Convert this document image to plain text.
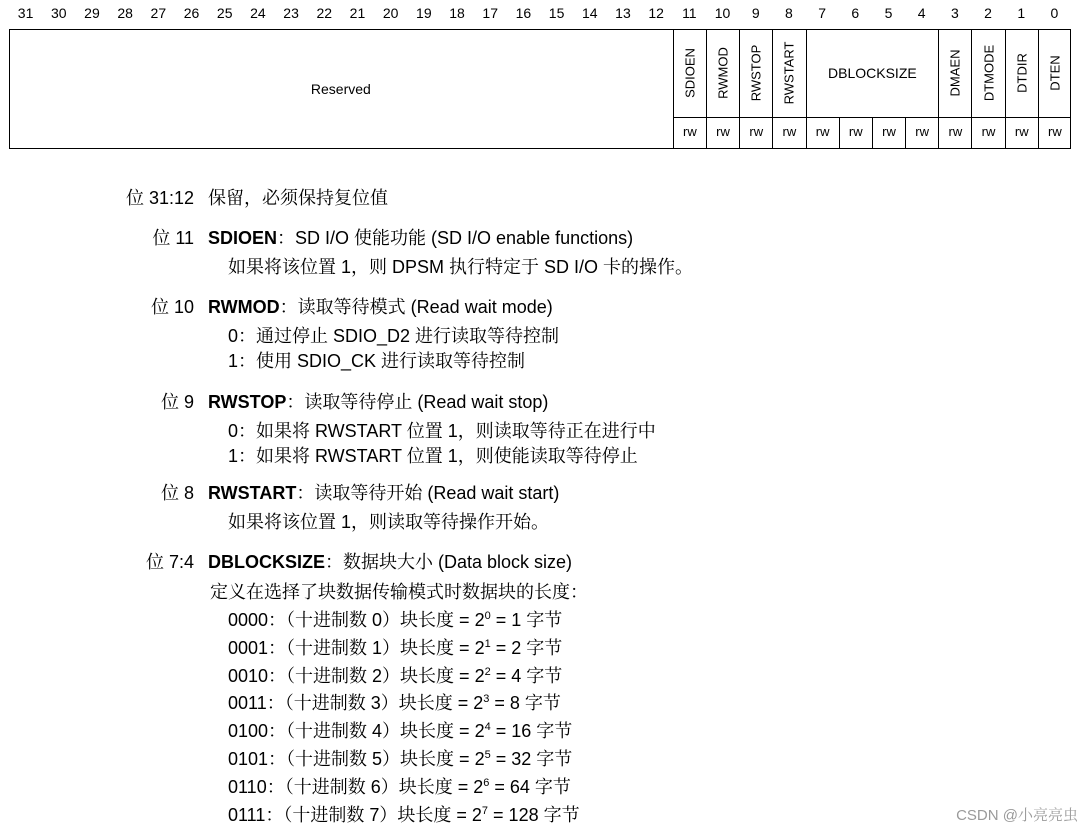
31	30	29	28	27	26	25	24	23	22	21	20	19	18	17	16	15	14	13	12	11	10	9	8	7	6	5	4	3	2	1	0
Reserved	SDIOEN RWMOD RWSTOP RWSTART	DBLOCKSIZE	DMAEN DTMODE DTDIR DTEN
rw	rw	rw	rw	rw	rw	rw	rw	rw	rw	rw	rw
位 31:12 保留，必须保持复位值
位 11 SDIOEN：SD I/O 使能功能 (SD I/O enable functions)
如果将该位置 1，则 DPSM 执行特定于 SD I/O 卡的操作。
位 10 RWMOD：读取等待模式 (Read wait mode)
0：通过停止 SDIO_D2 进行读取等待控制
1：使用 SDIO_CK 进行读取等待控制
位 9 RWSTOP：读取等待停止 (Read wait stop)
0：如果将 RWSTART 位置 1，则读取等待正在进行中
1：如果将 RWSTART 位置 1，则使能读取等待停止
位 8 RWSTART：读取等待开始 (Read wait start)
如果将该位置 1，则读取等待操作开始。
位 7:4 DBLOCKSIZE：数据块大小 (Data block size)
定义在选择了块数据传输模式时数据块的长度：
0000：（十进制数 0）块长度 = $2^0 = 1$ 字节
0001：（十进制数 1）块长度 = $2^1 = 2$ 字节
0010：（十进制数 2）块长度 = $2^2 = 4$ 字节
0011：（十进制数 3）块长度 = $2^3 = 8$ 字节
0100：（十进制数 4）块长度 = $2^4 = 16$ 字节
0101：（十进制数 5）块长度 = $2^5 = 32$ 字节
0110：（十进制数 6）块长度 = $2^6 = 64$ 字节
0111：（十进制数 7）块长度 = $2^7 = 128$ 字节	CSDN @小亮亮虫
